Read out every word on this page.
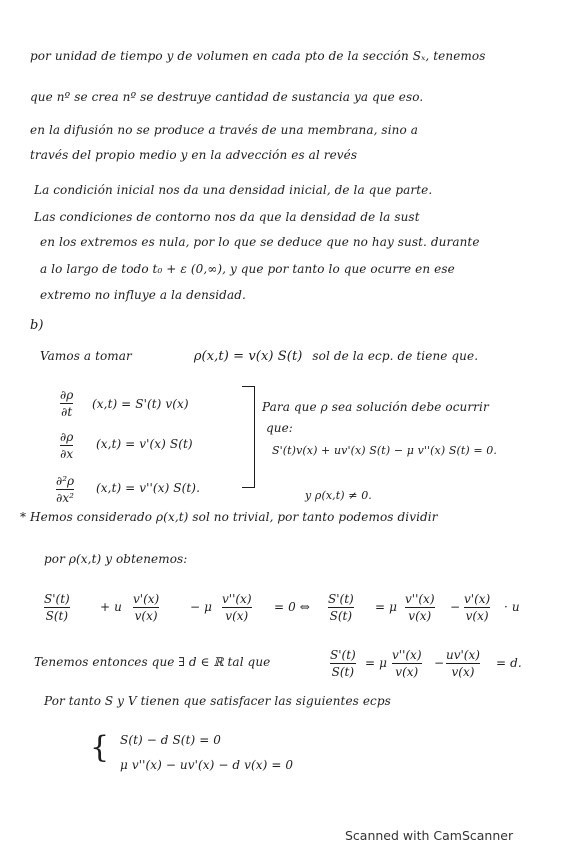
por unidad de tiempo y de volumen en cada pto de la sección Sₓ, tenemos
que nº se crea nº se destruye cantidad de sustancia ya que eso.
en la difusión no se produce a través de una membrana, sino a
través del propio medio y en la advección es al revés
La condición inicial nos da una densidad inicial, de la que parte.
Las condiciones de contorno nos da que la densidad de la sust
en los extremos es nula, por lo que se deduce que no hay sust. durante
a lo largo de todo t₀ + ε (0,∞), y que por tanto lo que ocurre en ese
extremo no influye a la densidad.
b)
Vamos a tomar	ρ(x,t) = v(x) S(t) sol de la ecp. de tiene que.
∂ρ
∂t
(x,t) = S'(t) v(x)
∂ρ
∂x
(x,t) = v'(x) S(t)
∂²ρ
∂x²
(x,t) = v''(x) S(t).
Para que ρ sea solución debe ocurrir
que:
S'(t)v(x) + uv'(x) S(t) − μ v''(x) S(t) = 0.
y ρ(x,t) ≠ 0.
* Hemos considerado ρ(x,t) sol no trivial, por tanto podemos dividir
por ρ(x,t) y obtenemos:
S'(t)
S(t)
+ u
v'(x)
v(x)
− μ
v''(x)
v(x)
= 0 ⇔
S'(t)
S(t)
= μ
v''(x)
v(x)
−
v'(x)
v(x)
· u
Tenemos entonces que ∃ d ∈ ℝ tal que	S'(t)
S(t)
= μ
v''(x)
v(x)
−
uv'(x)
v(x)
= d.
Por tanto S y V tienen que satisfacer las siguientes ecps
{ S(t) − d S(t) = 0
μ v''(x) − uv'(x) − d v(x) = 0
Scanned with CamScanner
